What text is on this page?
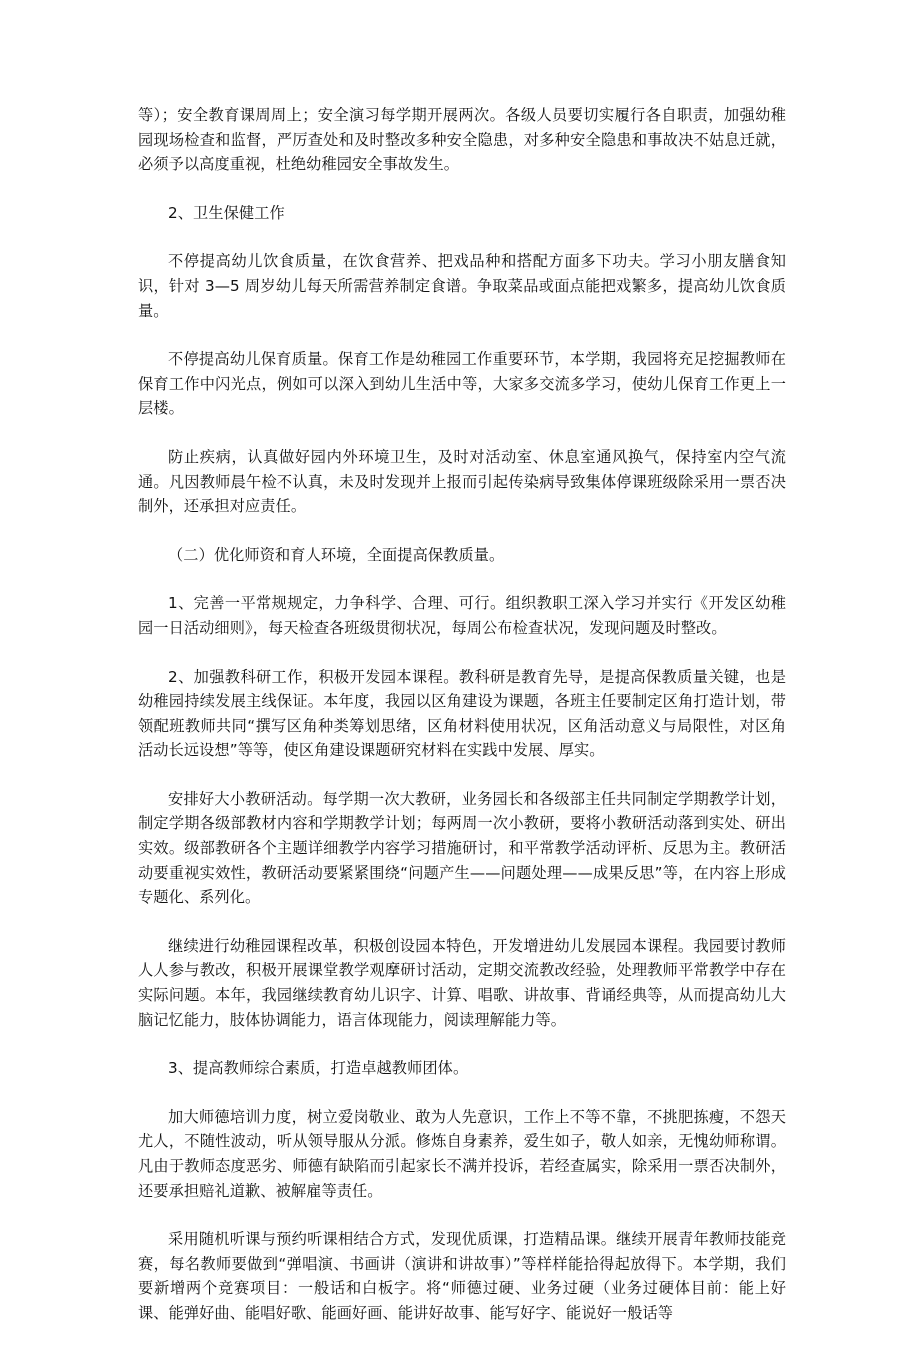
等）；安全教育课周周上；安全演习每学期开展两次。各级人员要切实履行各自职责，加强幼稚园现场检查和监督，严厉查处和及时整改多种安全隐患，对多种安全隐患和事故决不姑息迁就，必须予以高度重视，杜绝幼稚园安全事故发生。

2、卫生保健工作

不停提高幼儿饮食质量，在饮食营养、把戏品种和搭配方面多下功夫。学习小朋友膳食知识，针对 3—5 周岁幼儿每天所需营养制定食谱。争取菜品或面点能把戏繁多，提高幼儿饮食质量。

不停提高幼儿保育质量。保育工作是幼稚园工作重要环节，本学期，我园将充足挖掘教师在保育工作中闪光点，例如可以深入到幼儿生活中等，大家多交流多学习，使幼儿保育工作更上一层楼。

防止疾病，认真做好园内外环境卫生，及时对活动室、休息室通风换气，保持室内空气流通。凡因教师晨午检不认真，未及时发现并上报而引起传染病导致集体停课班级除采用一票否决制外，还承担对应责任。

（二）优化师资和育人环境，全面提高保教质量。

1、完善一平常规规定，力争科学、合理、可行。组织教职工深入学习并实行《开发区幼稚园一日活动细则》，每天检查各班级贯彻状况，每周公布检查状况，发现问题及时整改。

2、加强教科研工作，积极开发园本课程。教科研是教育先导，是提高保教质量关键，也是幼稚园持续发展主线保证。本年度，我园以区角建设为课题，各班主任要制定区角打造计划，带领配班教师共同“撰写区角种类筹划思绪，区角材料使用状况，区角活动意义与局限性，对区角活动长远设想”等等，使区角建设课题研究材料在实践中发展、厚实。

安排好大小教研活动。每学期一次大教研，业务园长和各级部主任共同制定学期教学计划，制定学期各级部教材内容和学期教学计划；每两周一次小教研，要将小教研活动落到实处、研出实效。级部教研各个主题详细教学内容学习措施研讨，和平常教学活动评析、反思为主。教研活动要重视实效性，教研活动要紧紧围绕“问题产生——问题处理——成果反思”等，在内容上形成专题化、系列化。

继续进行幼稚园课程改革，积极创设园本特色，开发增进幼儿发展园本课程。我园要讨教师人人参与教改，积极开展课堂教学观摩研讨活动，定期交流教改经验，处理教师平常教学中存在实际问题。本年，我园继续教育幼儿识字、计算、唱歌、讲故事、背诵经典等，从而提高幼儿大脑记忆能力，肢体协调能力，语言体现能力，阅读理解能力等。

3、提高教师综合素质，打造卓越教师团体。

加大师德培训力度，树立爱岗敬业、敢为人先意识，工作上不等不靠，不挑肥拣瘦，不怨天尤人，不随性波动，听从领导服从分派。修炼自身素养，爱生如子，敬人如亲，无愧幼师称谓。凡由于教师态度恶劣、师德有缺陷而引起家长不满并投诉，若经查属实，除采用一票否决制外，还要承担赔礼道歉、被解雇等责任。

采用随机听课与预约听课相结合方式，发现优质课，打造精品课。继续开展青年教师技能竞赛，每名教师要做到“弹唱演、书画讲（演讲和讲故事）”等样样能拾得起放得下。本学期，我们要新增两个竞赛项目：一般话和白板字。将“师德过硬、业务过硬（业务过硬体目前：能上好课、能弹好曲、能唱好歌、能画好画、能讲好故事、能写好字、能说好一般话等
